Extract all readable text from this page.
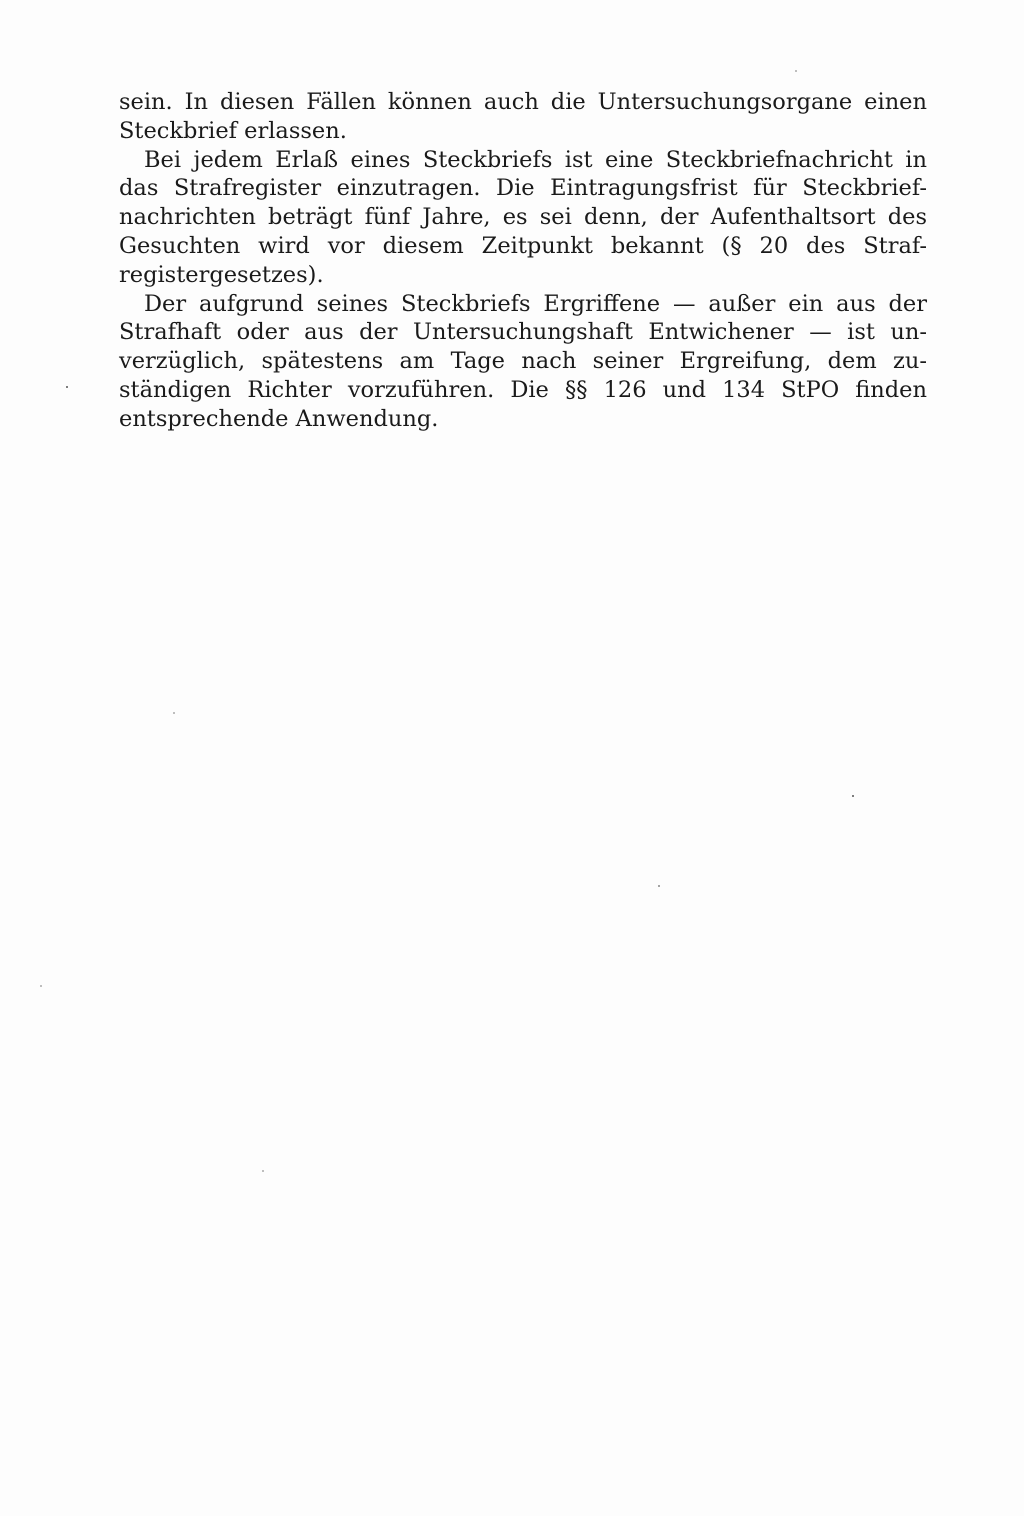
sein. In diesen Fällen können auch die Untersuchungsorgane einen
Steckbrief erlassen.
Bei jedem Erlaß eines Steckbriefs ist eine Steckbriefnachricht in
das Strafregister einzutragen. Die Eintragungsfrist für Steckbrief-
nachrichten beträgt fünf Jahre, es sei denn, der Aufenthaltsort des
Gesuchten wird vor diesem Zeitpunkt bekannt (§ 20 des Straf-
registergesetzes).
Der aufgrund seines Steckbriefs Ergriffene — außer ein aus der
Strafhaft oder aus der Untersuchungshaft Entwichener — ist un-
verzüglich, spätestens am Tage nach seiner Ergreifung, dem zu-
ständigen Richter vorzuführen. Die §§ 126 und 134 StPO finden
entsprechende Anwendung.
